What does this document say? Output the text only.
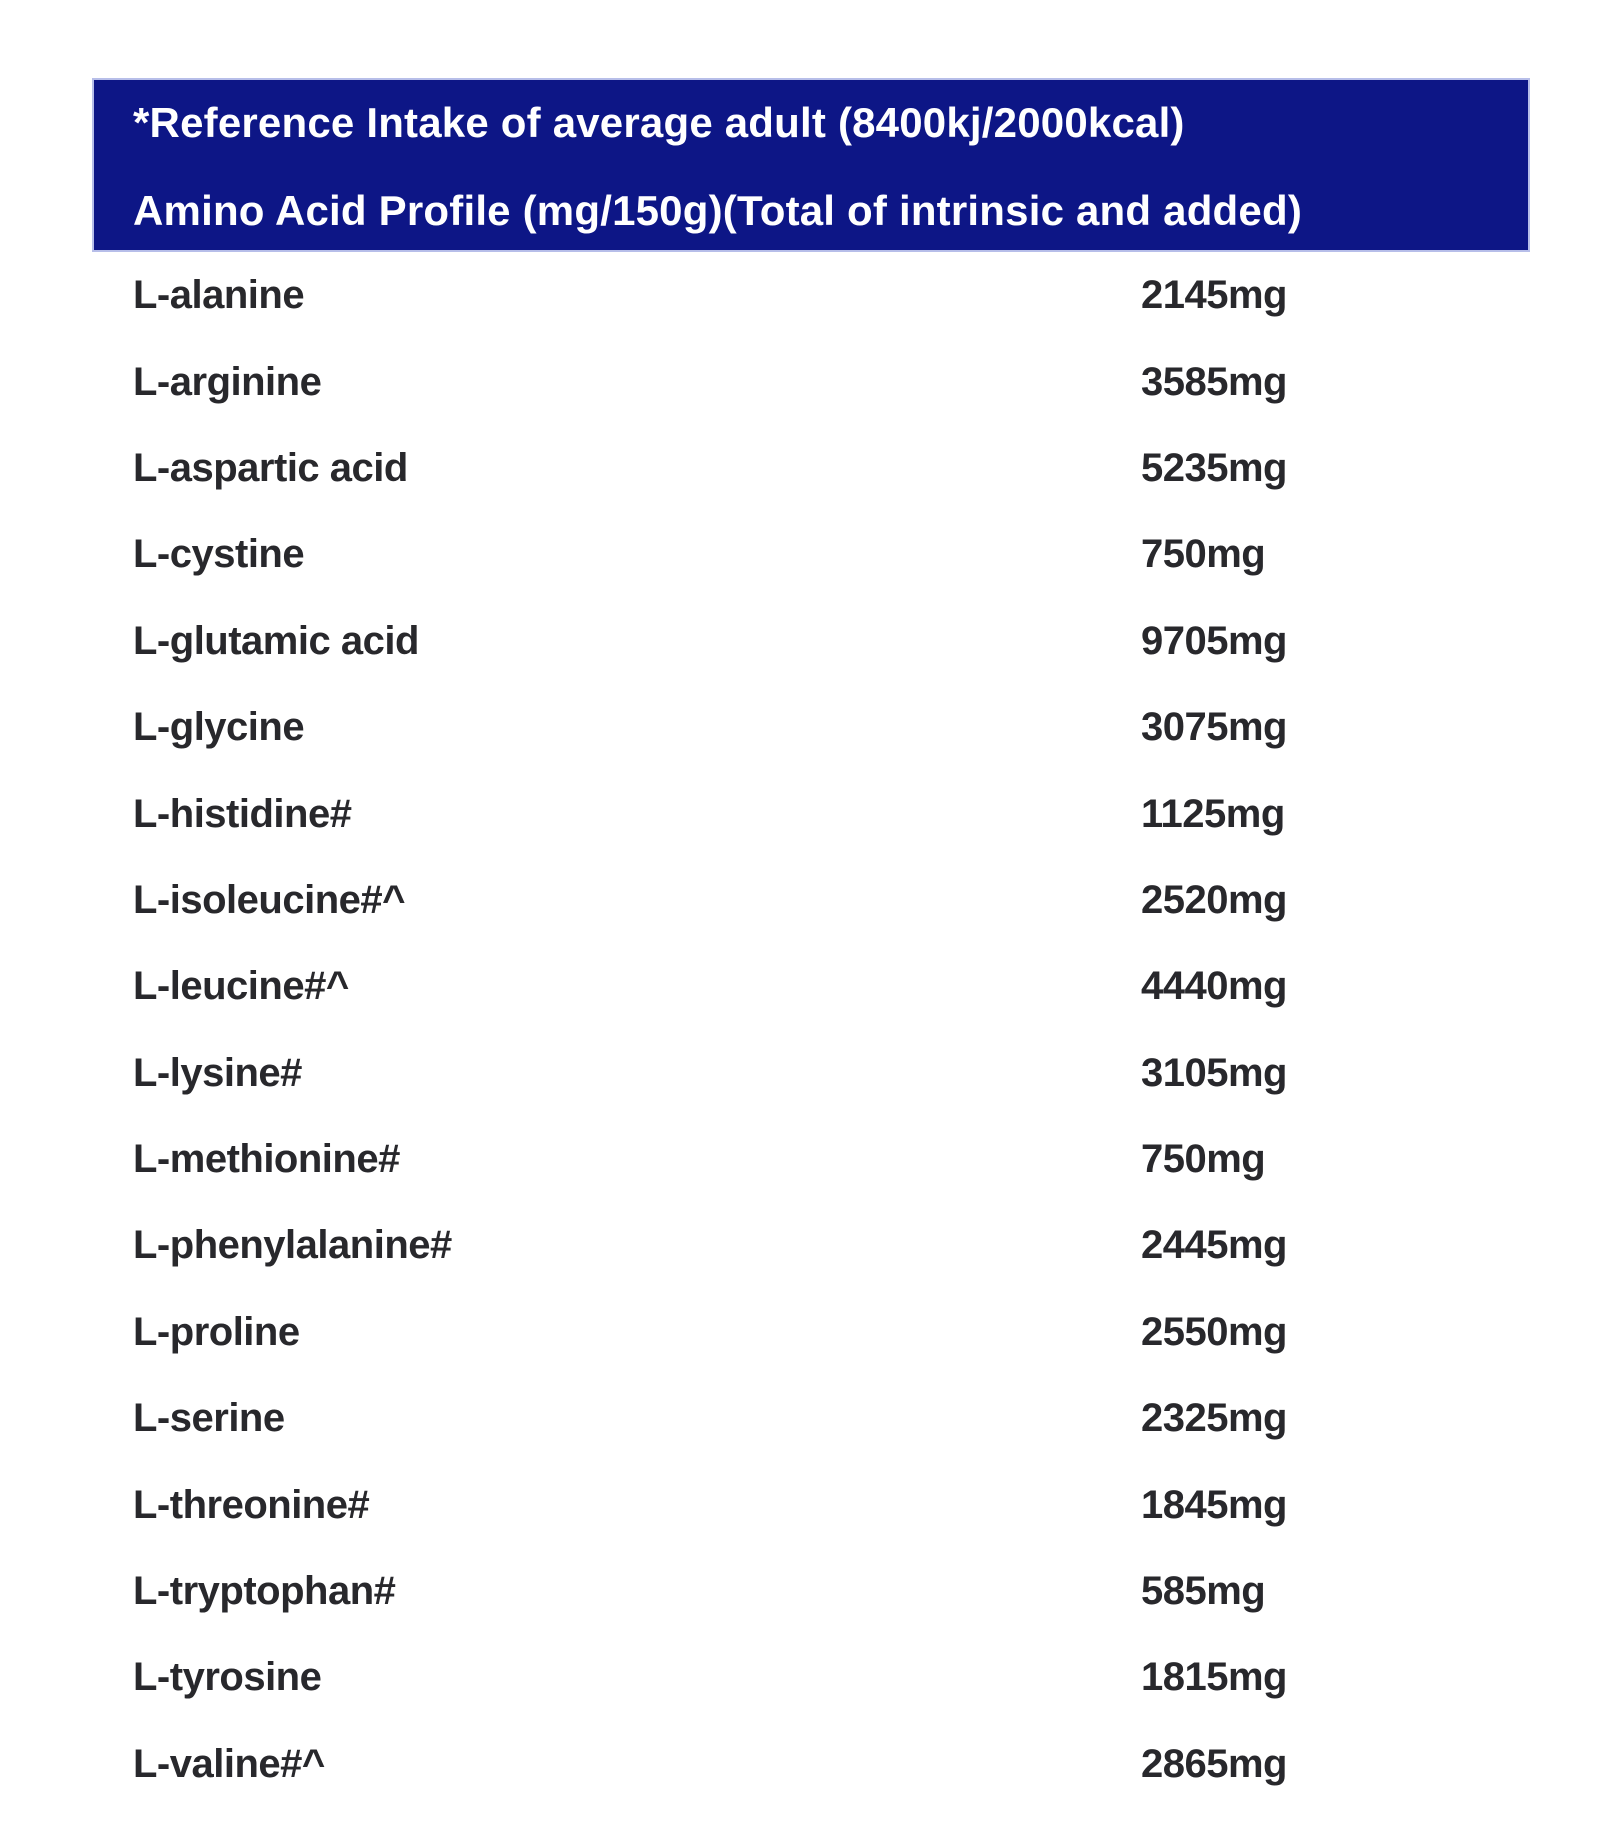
*Reference Intake of average adult (8400kj/2000kcal)
Amino Acid Profile (mg/150g)(Total of intrinsic and added)
L-alanine	2145mg
L-arginine	3585mg
L-aspartic acid	5235mg
L-cystine	750mg
L-glutamic acid	9705mg
L-glycine	3075mg
L-histidine#	1125mg
L-isoleucine#^	2520mg
L-leucine#^	4440mg
L-lysine#	3105mg
L-methionine#	750mg
L-phenylalanine#	2445mg
L-proline	2550mg
L-serine	2325mg
L-threonine#	1845mg
L-tryptophan#	585mg
L-tyrosine	1815mg
L-valine#^	2865mg
